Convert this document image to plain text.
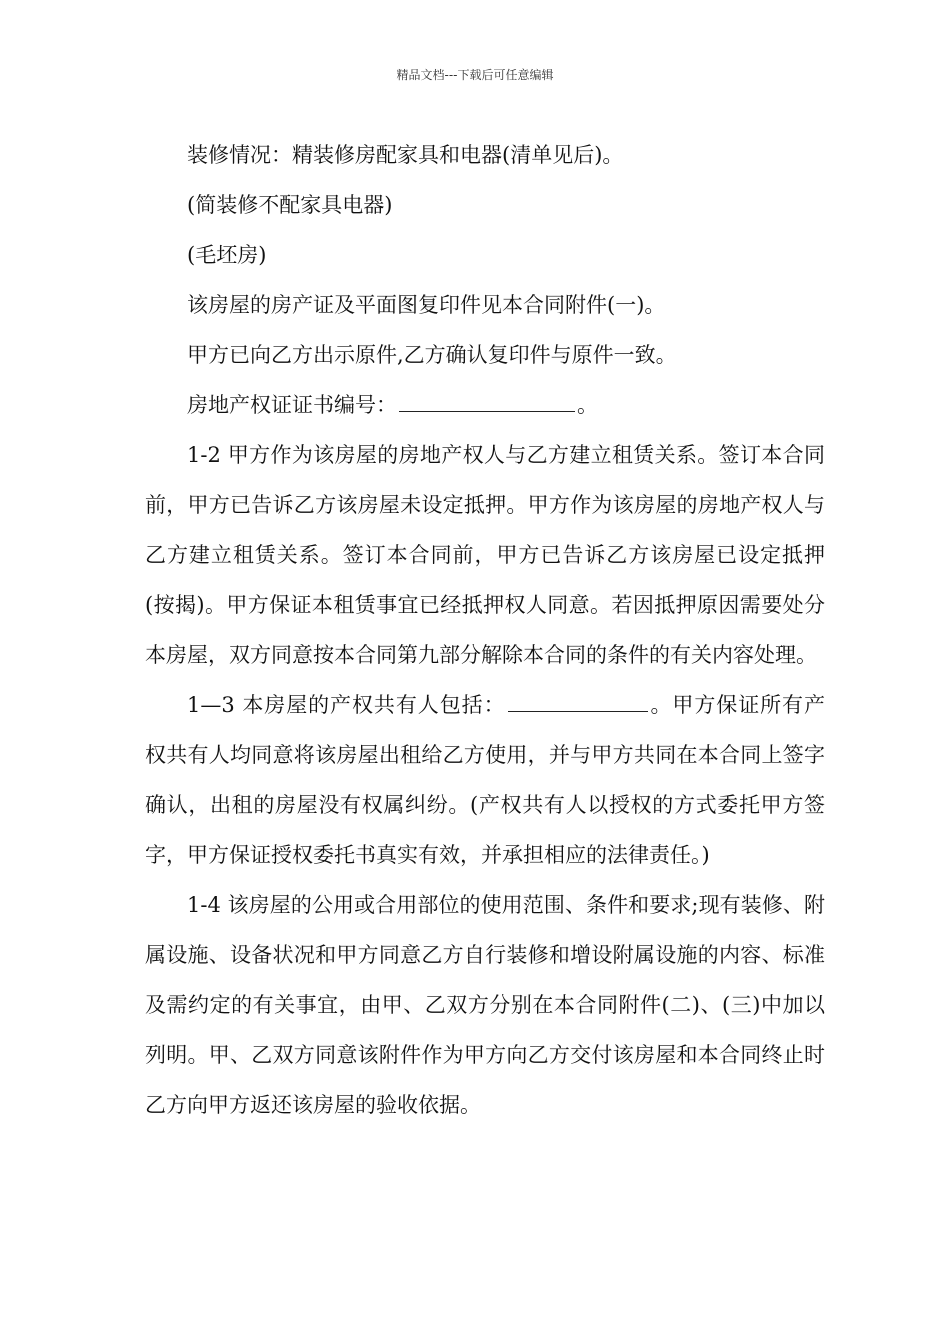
精品文档---下载后可任意编辑

装修情况：精装修房配家具和电器(清单见后)。

(简装修不配家具电器)

(毛坯房)

该房屋的房产证及平面图复印件见本合同附件(一)。

甲方已向乙方出示原件,乙方确认复印件与原件一致。

房地产权证证书编号：	。

1-2 甲方作为该房屋的房地产权人与乙方建立租赁关系。签订本合同前，甲方已告诉乙方该房屋未设定抵押。甲方作为该房屋的房地产权人与乙方建立租赁关系。签订本合同前，甲方已告诉乙方该房屋已设定抵押(按揭)。甲方保证本租赁事宜已经抵押权人同意。若因抵押原因需要处分本房屋，双方同意按本合同第九部分解除本合同的条件的有关内容处理。

1—3 本房屋的产权共有人包括：	。甲方保证所有产权共有人均同意将该房屋出租给乙方使用，并与甲方共同在本合同上签字确认，出租的房屋没有权属纠纷。(产权共有人以授权的方式委托甲方签字，甲方保证授权委托书真实有效，并承担相应的法律责任。)

1-4 该房屋的公用或合用部位的使用范围、条件和要求;现有装修、附属设施、设备状况和甲方同意乙方自行装修和增设附属设施的内容、标准及需约定的有关事宜，由甲、乙双方分别在本合同附件(二)、(三)中加以列明。甲、乙双方同意该附件作为甲方向乙方交付该房屋和本合同终止时乙方向甲方返还该房屋的验收依据。
